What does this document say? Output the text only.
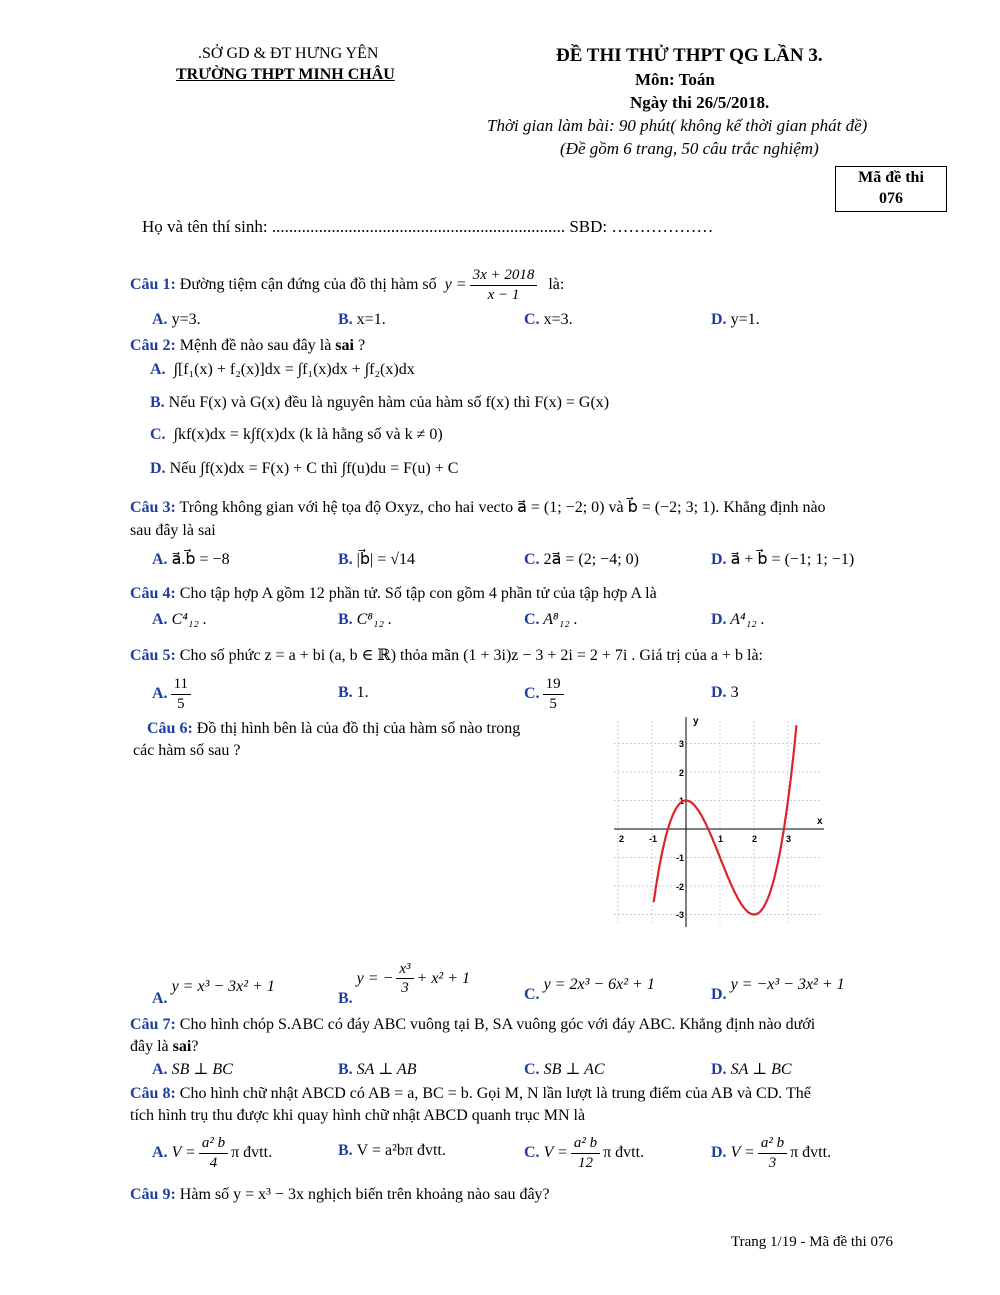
.SỞ GD & ĐT HƯNG YÊN
TRƯỜNG THPT MINH CHÂU
ĐỀ THI THỬ THPT QG LẦN 3.
Môn: Toán
Ngày thi 26/5/2018.
Thời gian làm bài: 90 phút( không kể thời gian phát đề)
(Đề gồm 6 trang, 50 câu trắc nghiệm)
Mã đề thi
076
Họ và tên thí sinh: ..................................................................... SBD: ………………
Câu 1:
Đường tiệm cận đứng của đồ thị hàm số
$y = \frac{3x + 2018}{x - 1}$
là:
A. y=3.	B. x=1.	C. x=3.	D. y=1.
Câu 2: Mệnh đề nào sau đây là sai ?
A. ∫[f₁(x) + f₂(x)]dx = ∫f₁(x)dx + ∫f₂(x)dx
B. Nếu F(x) và G(x) đều là nguyên hàm của hàm số f(x) thì F(x) = G(x)
C. ∫kf(x)dx = k∫f(x)dx (k là hằng số và k ≠ 0)
D. Nếu ∫f(x)dx = F(x) + C thì ∫f(u)du = F(u) + C
Câu 3: Trông không gian với hệ tọa độ Oxyz, cho hai vecto a⃗ = (1; −2; 0) và b⃗ = (−2; 3; 1). Khẳng định nào
sau đây là sai
A. a⃗.b⃗ = −8	B. |b⃗| = √14	C. 2a⃗ = (2; −4; 0)	D. a⃗ + b⃗ = (−1; 1; −1)
Câu 4: Cho tập hợp A gồm 12 phần tử. Số tập con gồm 4 phần tử của tập hợp A là
A. C⁴₁₂ .	B. C⁸₁₂ .	C. A⁸₁₂ .	D. A⁴₁₂ .
Câu 5: Cho số phức z = a + bi (a, b ∈ ℝ) thỏa mãn (1 + 3i)z − 3 + 2i = 2 + 7i . Giá trị của a + b là:
A. $\frac{11}{5}$	B. 1.	C. $\frac{19}{5}$	D. 3
Câu 6: Đồ thị hình bên là của đồ thị của hàm số nào trong
các hàm số sau ?
x
y
2	-1	1	2	3
3
2
1
-1
-2
-3
A.

y = x³ − 3x² + 1
B.

y = − $\frac{\text{x³}}{3} + x^2 + 1$
C.

y = 2x³ − 6x² + 1
D.

y = −x³ − 3x² + 1
Câu 7: Cho hình chóp S.ABC có đáy ABC vuông tại B, SA vuông góc với đáy ABC. Khẳng định nào dưới
đây là sai?
A. SB ⊥ BC	B. SA ⊥ AB	C. SB ⊥ AC	D. SA ⊥ BC
Câu 8: Cho hình chữ nhật ABCD có AB = a, BC = b. Gọi M, N lần lượt là trung điểm của AB và CD. Thể
tích hình trụ thu được khi quay hình chữ nhật ABCD quanh trục MN là
A.
$V = \frac{\text{a² b}}{4}$ π đvtt.	B. V = a²bπ đvtt.	C.
$V = \frac{\text{a² b}}{12}$ π đvtt.	D.
$V = \frac{\text{a² b}}{3}$ π đvtt.
Câu 9: Hàm số y = x³ − 3x nghịch biến trên khoảng nào sau đây?
Trang 1/19 - Mã đề thi 076
